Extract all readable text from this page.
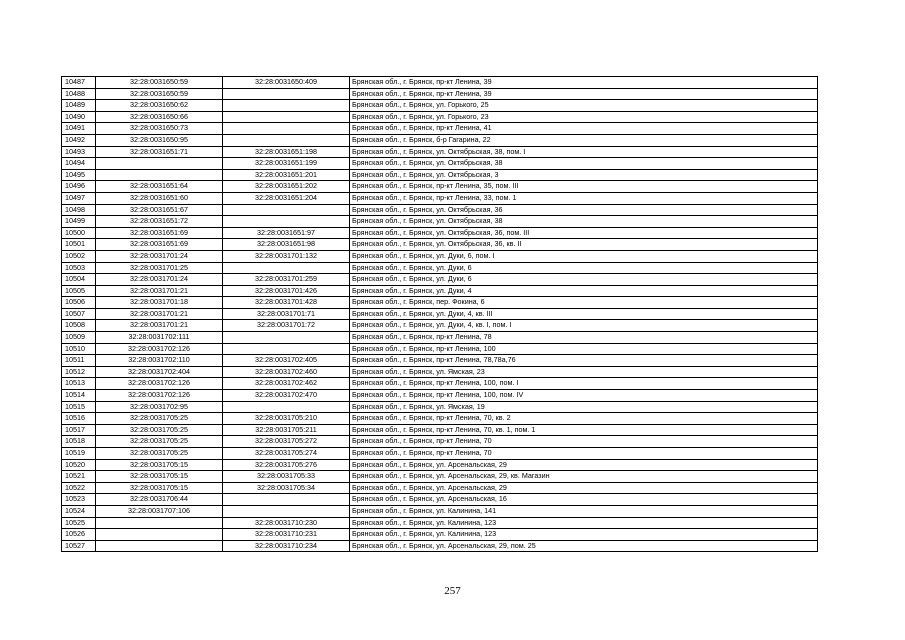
10487	32:28:0031650:59	32:28:0031650:409	Брянская обл., г. Брянск, пр-кт Ленина, 39
10488	32:28:0031650:59		Брянская обл., г. Брянск, пр-кт Ленина, 39
10489	32:28:0031650:62		Брянская обл., г. Брянск, ул. Горького, 25
10490	32:28:0031650:66		Брянская обл., г. Брянск, ул. Горького, 23
10491	32:28:0031650:73		Брянская обл., г. Брянск, пр-кт Ленина, 41
10492	32:28:0031650:95		Брянская обл., г. Брянск, б-р Гагарина, 22
10493	32:28:0031651:71	32:28:0031651:198	Брянская обл., г. Брянск, ул. Октябрьская, 38, пом. I
10494		32:28:0031651:199	Брянская обл., г. Брянск, ул. Октябрьская, 38
10495		32:28:0031651:201	Брянская обл., г. Брянск, ул. Октябрьская, 3
10496	32:28:0031651:64	32:28:0031651:202	Брянская обл., г. Брянск, пр-кт Ленина, 35, пом. III
10497	32:28:0031651:60	32:28:0031651:204	Брянская обл., г. Брянск, пр-кт Ленина, 33, пом. 1
10498	32:28:0031651:67		Брянская обл., г. Брянск, ул. Октябрьская, 36
10499	32:28:0031651:72		Брянская обл., г. Брянск, ул. Октябрьская, 38
10500	32:28:0031651:69	32:28:0031651:97	Брянская обл., г. Брянск, ул. Октябрьская, 36, пом. III
10501	32:28:0031651:69	32:28:0031651:98	Брянская обл., г. Брянск, ул. Октябрьская, 36, кв. II
10502	32:28:0031701:24	32:28:0031701:132	Брянская обл., г. Брянск, ул. Дуки, 6, пом. I
10503	32:28:0031701:25		Брянская обл., г. Брянск, ул. Дуки, 6
10504	32:28:0031701:24	32:28:0031701:259	Брянская обл., г. Брянск, ул. Дуки, 6
10505	32:28:0031701:21	32:28:0031701:426	Брянская обл., г. Брянск, ул. Дуки, 4
10506	32:28:0031701:18	32:28:0031701:428	Брянская обл., г. Брянск, пер. Фокина, 6
10507	32:28:0031701:21	32:28:0031701:71	Брянская обл., г. Брянск, ул. Дуки, 4, кв. III
10508	32:28:0031701:21	32:28:0031701:72	Брянская обл., г. Брянск, ул. Дуки, 4, кв. I, пом. I
10509	32:28:0031702:111		Брянская обл., г. Брянск, пр-кт Ленина, 78
10510	32:28:0031702:126		Брянская обл., г. Брянск, пр-кт Ленина, 100
10511	32:28:0031702:110	32:28:0031702:405	Брянская обл., г. Брянск, пр-кт Ленина, 78,78а,76
10512	32:28:0031702:404	32:28:0031702:460	Брянская обл., г. Брянск, ул. Ямская, 23
10513	32:28:0031702:126	32:28:0031702:462	Брянская обл., г. Брянск, пр-кт Ленина, 100, пом. I
10514	32:28:0031702:126	32:28:0031702:470	Брянская обл., г. Брянск, пр-кт Ленина, 100, пом. IV
10515	32:28:0031702:95		Брянская обл., г. Брянск, ул. Ямская, 19
10516	32:28:0031705:25	32:28:0031705:210	Брянская обл., г. Брянск, пр-кт Ленина, 70, кв. 2
10517	32:28:0031705:25	32:28:0031705:211	Брянская обл., г. Брянск, пр-кт Ленина, 70, кв. 1, пом. 1
10518	32:28:0031705:25	32:28:0031705:272	Брянская обл., г. Брянск, пр-кт Ленина, 70
10519	32:28:0031705:25	32:28:0031705:274	Брянская обл., г. Брянск, пр-кт Ленина, 70
10520	32:28:0031705:15	32:28:0031705:276	Брянская обл., г. Брянск, ул. Арсенальская, 29
10521	32:28:0031705:15	32:28:0031705:33	Брянская обл., г. Брянск, ул. Арсенальская, 29, кв. Магазин
10522	32:28:0031705:15	32:28:0031705:34	Брянская обл., г. Брянск, ул. Арсенальская, 29
10523	32:28:0031706:44		Брянская обл., г. Брянск, ул. Арсенальская, 16
10524	32:28:0031707:106		Брянская обл., г. Брянск, ул. Калинина, 141
10525		32:28:0031710:230	Брянская обл., г. Брянск, ул. Калинина, 123
10526		32:28:0031710:231	Брянская обл., г. Брянск, ул. Калинина, 123
10527		32:28:0031710:234	Брянская обл., г. Брянск, ул. Арсенальская, 29, пом. 25
257
